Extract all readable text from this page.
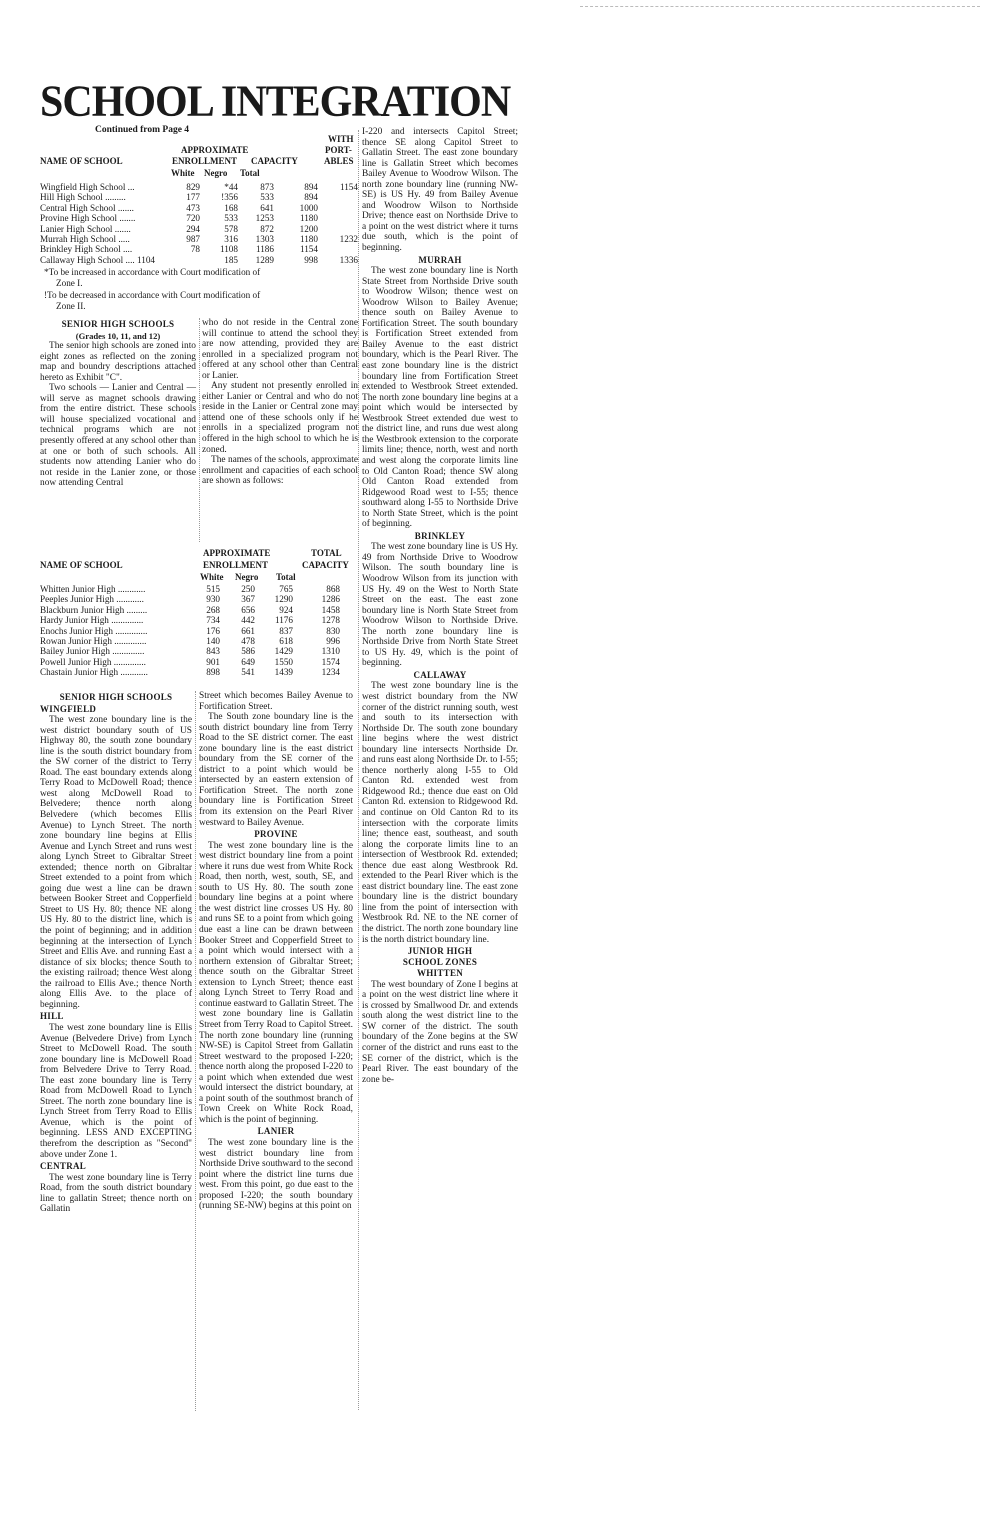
SCHOOL INTEGRATION
Continued from Page 4
WITH
APPROXIMATE	PORT-
NAME OF SCHOOL	ENROLLMENT CAPACITY	ABLES
White Negro Total
Wingfield High School ...	829	*44	873	894	1154
Hill High School .........	177	!356	533	894	
Central High School .......	473	168	641	1000	
Provine High School .......	720	533	1253	1180	
Lanier High School .......	294	578	872	1200	
Murrah High School .....	987	316	1303	1180	1232
Brinkley High School ....	78	1108	1186	1154	
Callaway High School .... 1104		185	1289	998	1336
*To be increased in accordance with Court modification of
Zone I.
!To be decreased in accordance with Court modification of
Zone II.
SENIOR HIGH SCHOOLS
(Grades 10, 11, and 12)

The senior high schools are zoned into eight zones as reflected on the zoning map and boundry descriptions attached hereto as Exhibit "C".

Two schools — Lanier and Central — will serve as magnet schools drawing from the entire district. These schools will house specialized vocational and technical programs which are not presently offered at any school other than at one or both of such schools. All students now attending Lanier who do not reside in the Lanier zone, or those now attending Central

who do not reside in the Central zone will continue to attend the school they are now attending, provided they are enrolled in a specialized program not offered at any school other than Central or Lanier.

Any student not presently enrolled in either Lanier or Central and who do not reside in the Lanier or Central zone may attend one of these schools only if he enrolls in a specialized program not offered in the high school to which he is zoned.

The names of the schools, approximate enrollment and capacities of each school are shown as follows:

APPROXIMATE	TOTAL
NAME OF SCHOOL	ENROLLMENT	CAPACITY
White Negro Total
Whitten Junior High ............	515	250	765	868
Peeples Junior High ............	930	367	1290	1286
Blackburn Junior High .........	268	656	924	1458
Hardy Junior High ..............	734	442	1176	1278
Enochs Junior High ..............	176	661	837	830
Rowan Junior High ..............	140	478	618	996
Bailey Junior High ..............	843	586	1429	1310
Powell Junior High ..............	901	649	1550	1574
Chastain Junior High ............	898	541	1439	1234
SENIOR HIGH SCHOOLS
WINGFIELD

The west zone boundary line is the west district boundary south of US Highway 80, the south zone boundary line is the south district boundary from the SW corner of the district to Terry Road. The east boundary extends along Terry Road to McDowell Road; thence west along McDowell Road to Belvedere; thence north along Belvedere (which becomes Ellis Avenue) to Lynch Street. The north zone boundary line begins at Ellis Avenue and Lynch Street and runs west along Lynch Street to Gibraltar Street extended; thence north on Gibraltar Street extended to a point from which going due west a line can be drawn between Booker Street and Copperfield Street to US Hy. 80; thence NE along US Hy. 80 to the district line, which is the point of beginning; and in addition beginning at the intersection of Lynch Street and Ellis Ave. and running East a distance of six blocks; thence South to the existing railroad; thence West along the railroad to Ellis Ave.; thence North along Ellis Ave. to the place of beginning.

HILL

The west zone boundary line is Ellis Avenue (Belvedere Drive) from Lynch Street to McDowell Road. The south zone boundary line is McDowell Road from Belvedere Drive to Terry Road. The east zone boundary line is Terry Road from McDowell Road to Lynch Street. The north zone boundary line is Lynch Street from Terry Road to Ellis Avenue, which is the point of beginning. LESS AND EXCEPTING therefrom the description as "Second" above under Zone 1.

CENTRAL

The west zone boundary line is Terry Road, from the south district boundary line to gallatin Street; thence north on Gallatin

Street which becomes Bailey Avenue to Fortification Street.

The South zone boundary line is the south district boundary line from Terry Road to the SE district corner. The east zone boundary line is the east district boundary from the SE corner of the district to a point which would be intersected by an eastern extension of Fortification Street. The north zone boundary line is Fortification Street from its extension on the Pearl River westward to Bailey Avenue.

PROVINE

The west zone boundary line is the west district boundary line from a point where it runs due west from White Rock Road, then north, west, south, SE, and south to US Hy. 80. The south zone boundary line begins at a point where the west district line crosses US Hy. 80 and runs SE to a point from which going due east a line can be drawn between Booker Street and Copperfield Street to a point which would intersect with a northern extension of Gibraltar Street; thence south on the Gibraltar Street extension to Lynch Street; thence east along Lynch Street to Terry Road and continue eastward to Gallatin Street. The west zone boundary line is Gallatin Street from Terry Road to Capitol Street. The north zone boundary line (running NW-SE) is Capitol Street from Gallatin Street westward to the proposed I-220; thence north along the proposed I-220 to a point which when extended due west would intersect the district boundary, at a point south of the southmost branch of Town Creek on White Rock Road, which is the point of beginning.

LANIER

The west zone boundary line is the west district boundary line from Northside Drive southward to the second point where the district line turns due west. From this point, go due east to the proposed I-220; the south boundary (running SE-NW) begins at this point on

I-220 and intersects Capitol Street; thence SE along Capitol Street to Gallatin Street. The east zone boundary line is Gallatin Street which becomes Bailey Avenue to Woodrow Wilson. The north zone boundary line (running NW-SE) is US Hy. 49 from Bailey Avenue and Woodrow Wilson to Northside Drive; thence east on Northside Drive to a point on the west district where it turns due south, which is the point of beginning.

MURRAH

The west zone boundary line is North State Street from Northside Drive south to Woodrow Wilson; thence west on Woodrow Wilson to Bailey Avenue; thence south on Bailey Avenue to Fortification Street. The south boundary is Fortification Street extended from Bailey Avenue to the east district boundary, which is the Pearl River. The east zone boundary line is the district boundary line from Fortification Street extended to Westbrook Street extended. The north zone boundary line begins at a point which would be intersected by Westbrook Street extended due west to the district line, and runs due west along the Westbrook extension to the corporate limits line; thence, north, west and north and west along the corporate limits line to Old Canton Road; thence SW along Old Canton Road extended from Ridgewood Road west to I-55; thence southward along I-55 to Northside Drive to North State Street, which is the point of beginning.

BRINKLEY

The west zone boundary line is US Hy. 49 from Northside Drive to Woodrow Wilson. The south boundary line is Woodrow Wilson from its junction with US Hy. 49 on the West to North State Street on the east. The east zone boundary line is North State Street from Woodrow Wilson to Northside Drive. The north zone boundary line is Northside Drive from North State Street to US Hy. 49, which is the point of beginning.

CALLAWAY

The west zone boundary line is the west district boundary from the NW corner of the district running south, west and south to its intersection with Northside Dr. The south zone boundary line begins where the west district boundary line intersects Northside Dr. and runs east along Northside Dr. to I-55; thence northerly along I-55 to Old Canton Rd. extended west from Ridgewood Rd.; thence due east on Old Canton Rd. extension to Ridgewood Rd. and continue on Old Canton Rd to its intersection with the corporate limits line; thence east, southeast, and south along the corporate limits line to an intersection of Westbrook Rd. extended; thence due east along Westbrook Rd. extended to the Pearl River which is the east district boundary line. The east zone boundary line is the district boundary line from the point of intersection with Westbrook Rd. NE to the NE corner of the district. The north zone boundary line is the north district boundary line.

JUNIOR HIGH
SCHOOL ZONES
WHITTEN

The west boundary of Zone I begins at a point on the west district line where it is crossed by Smallwood Dr. and extends south along the west district line to the SW corner of the district. The south boundary of the Zone begins at the SW corner of the district and runs east to the SE corner of the district, which is the Pearl River. The east boundary of the zone be-
